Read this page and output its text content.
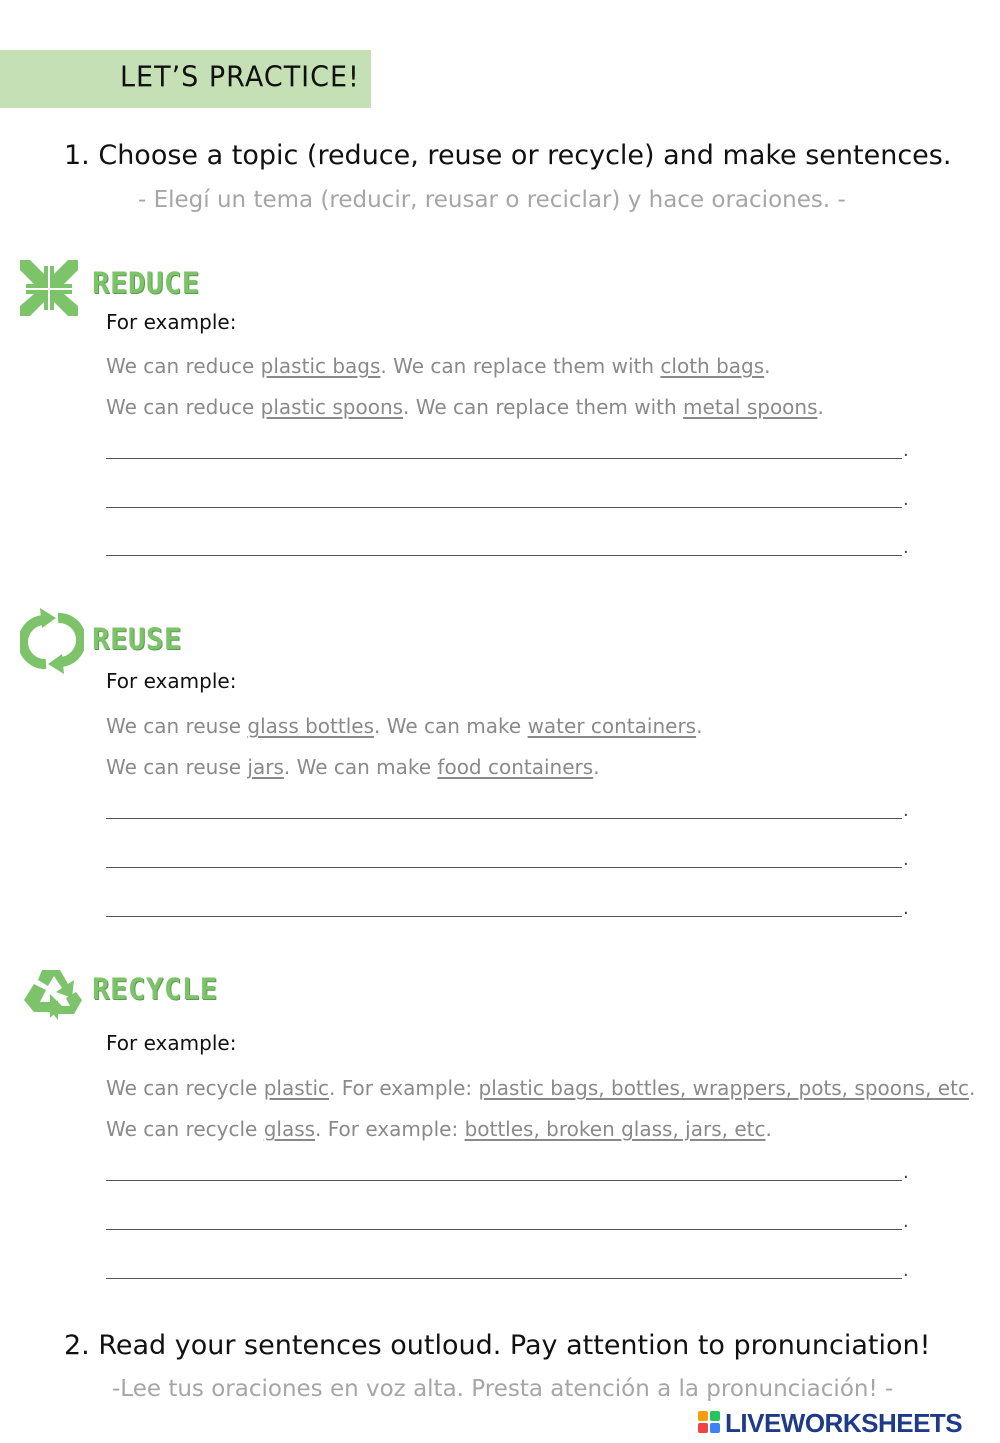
LET’S PRACTICE!
1. Choose a topic (reduce, reuse or recycle) and make sentences.
- Elegí un tema (reducir, reusar o reciclar) y hace oraciones. -
REDUCE
For example:
We can reduce plastic bags. We can replace them with cloth bags.
We can reduce plastic spoons. We can replace them with metal spoons.
.
.
.
REUSE
For example:
We can reuse glass bottles. We can make water containers.
We can reuse jars. We can make food containers.
.
.
.
RECYCLE
For example:
We can recycle plastic. For example: plastic bags, bottles, wrappers, pots, spoons, etc.
We can recycle glass. For example: bottles, broken glass, jars, etc.
.
.
.
2. Read your sentences outloud. Pay attention to pronunciation!
-Lee tus oraciones en voz alta. Presta atención a la pronunciación! -
LIVEWORKSHEETS
